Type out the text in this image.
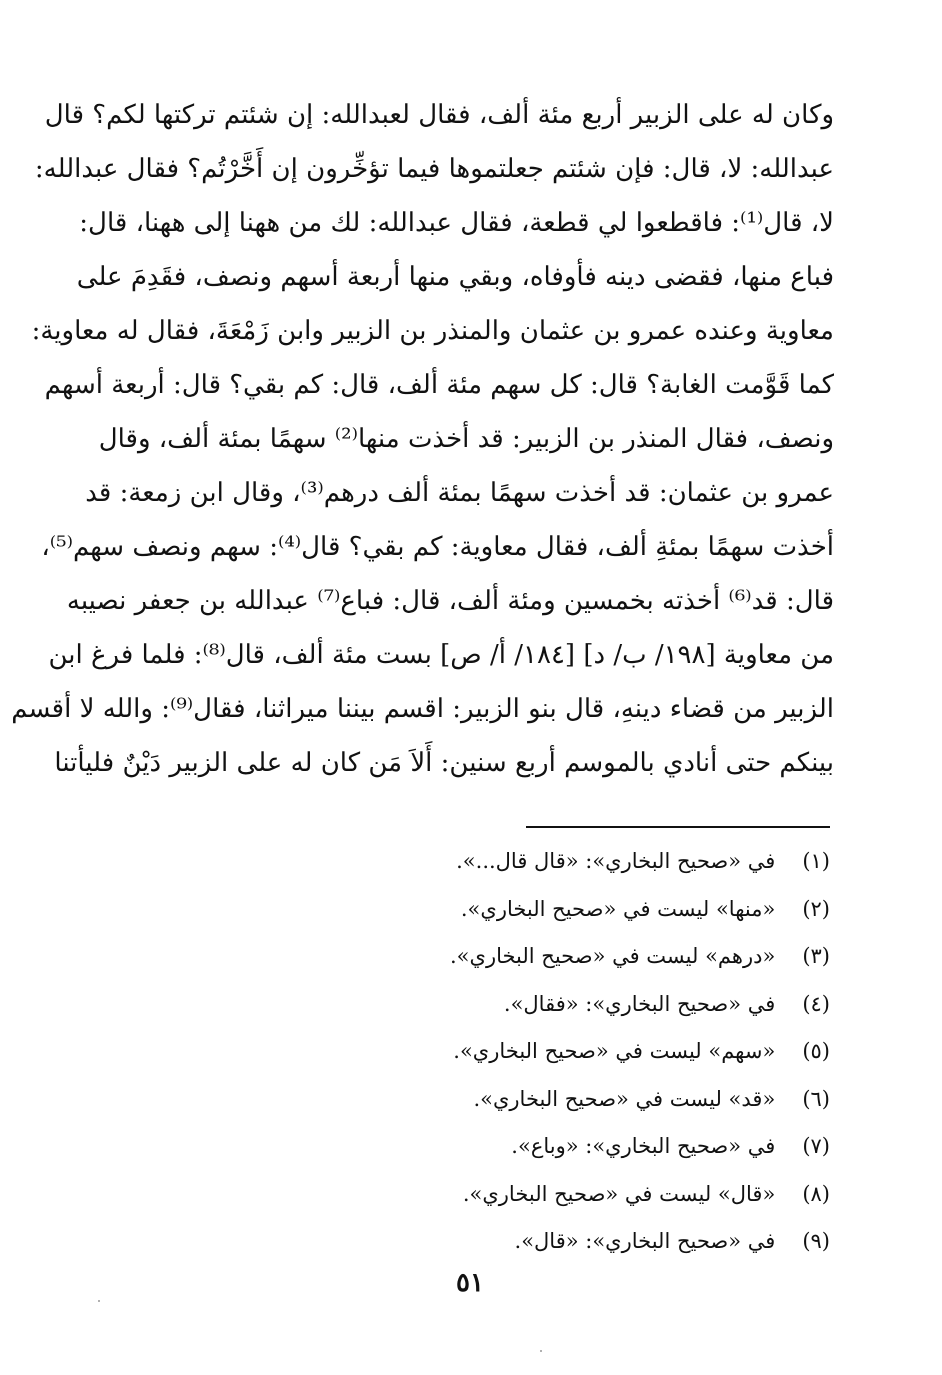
وكان له على الزبير أربع مئة ألف، فقال لعبدالله: إن شئتم تركتها لكم؟ قال
عبدالله: لا، قال: فإن شئتم جعلتموها فيما تؤخِّرون إن أَخَّرْتُم؟ فقال عبدالله:
لا، قال⁽¹⁾: فاقطعوا لي قطعة، فقال عبدالله: لك من ههنا إلى ههنا، قال:
فباع منها، فقضى دينه فأوفاه، وبقي منها أربعة أسهم ونصف، فقَدِمَ على
معاوية وعنده عمرو بن عثمان والمنذر بن الزبير وابن زَمْعَةَ، فقال له معاوية:
كما قَوَّمت الغابة؟ قال: كل سهم مئة ألف، قال: كم بقي؟ قال: أربعة أسهم
ونصف، فقال المنذر بن الزبير: قد أخذت منها⁽²⁾ سهمًا بمئة ألف، وقال
عمرو بن عثمان: قد أخذت سهمًا بمئة ألف درهم⁽³⁾، وقال ابن زمعة: قد
أخذت سهمًا بمئةِ ألف، فقال معاوية: كم بقي؟ قال⁽⁴⁾: سهم ونصف سهم⁽⁵⁾،
قال: قد⁽⁶⁾ أخذته بخمسين ومئة ألف، قال: فباع⁽⁷⁾ عبدالله بن جعفر نصيبه
من معاوية [١٩٨/ ب/ د] [١٨٤/ أ/ ص] بست مئة ألف، قال⁽⁸⁾: فلما فرغ ابن
الزبير من قضاء دينهِ، قال بنو الزبير: اقسم بيننا ميراثنا، فقال⁽⁹⁾: والله لا أقسم
بينكم حتى أنادي بالموسم أربع سنين: أَلاَ مَن كان له على الزبير دَيْنٌ فليأتنا
(١) في «صحيح البخاري»: «قال قال...».
(٢) «منها» ليست في «صحيح البخاري».
(٣) «درهم» ليست في «صحيح البخاري».
(٤) في «صحيح البخاري»: «فقال».
(٥) «سهم» ليست في «صحيح البخاري».
(٦) «قد» ليست في «صحيح البخاري».
(٧) في «صحيح البخاري»: «وباع».
(٨) «قال» ليست في «صحيح البخاري».
(٩) في «صحيح البخاري»: «قال».
٥١
